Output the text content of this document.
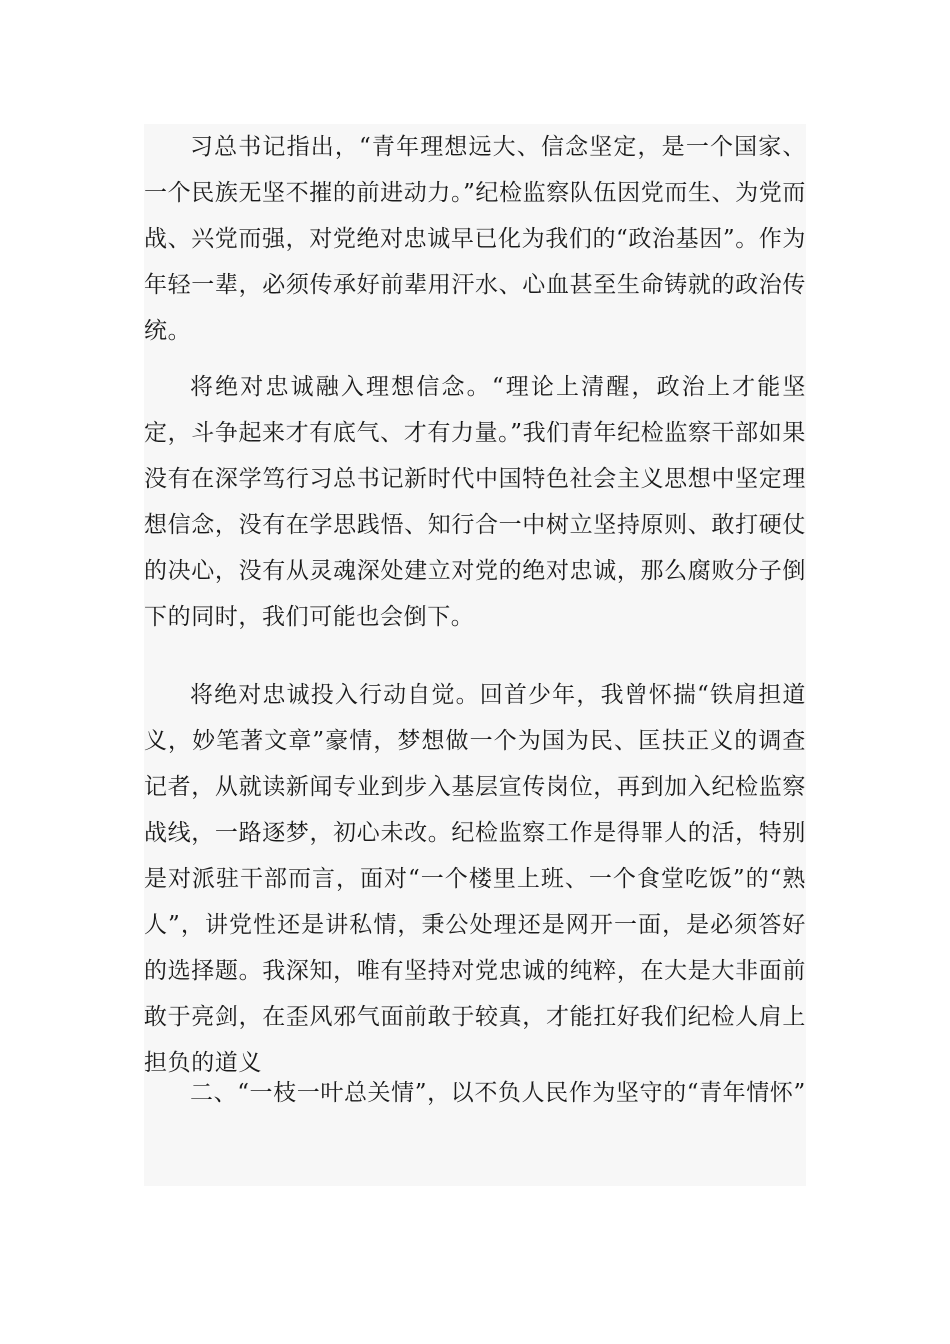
习总书记指出，“青年理想远大、信念坚定，是一个国家、一个民族无坚不摧的前进动力。”纪检监察队伍因党而生、为党而战、兴党而强，对党绝对忠诚早已化为我们的“政治基因”。作为年轻一辈，必须传承好前辈用汗水、心血甚至生命铸就的政治传统。

将绝对忠诚融入理想信念。“理论上清醒，政治上才能坚定，斗争起来才有底气、才有力量。”我们青年纪检监察干部如果没有在深学笃行习总书记新时代中国特色社会主义思想中坚定理想信念，没有在学思践悟、知行合一中树立坚持原则、敢打硬仗的决心，没有从灵魂深处建立对党的绝对忠诚，那么腐败分子倒下的同时，我们可能也会倒下。

将绝对忠诚投入行动自觉。回首少年，我曾怀揣“铁肩担道义，妙笔著文章”豪情，梦想做一个为国为民、匡扶正义的调查记者，从就读新闻专业到步入基层宣传岗位，再到加入纪检监察战线，一路逐梦，初心未改。纪检监察工作是得罪人的活，特别是对派驻干部而言，面对“一个楼里上班、一个食堂吃饭”的“熟人”，讲党性还是讲私情，秉公处理还是网开一面，是必须答好的选择题。我深知，唯有坚持对党忠诚的纯粹，在大是大非面前敢于亮剑，在歪风邪气面前敢于较真，才能扛好我们纪检人肩上担负的道义

二、“一枝一叶总关情”，以不负人民作为坚守的“青年情怀”
